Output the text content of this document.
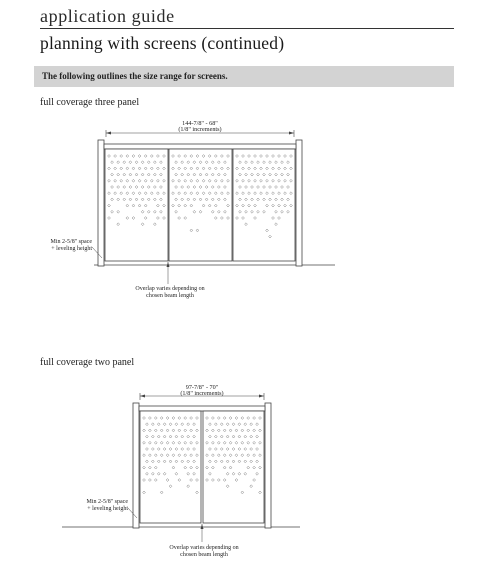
application guide
planning with screens (continued)
The following outlines the size range for screens.
full coverage three panel
full coverage two panel
144-7/8" - 68"
(1/8" increments)
Min 2-5/8" space
+ leveling height
Overlap varies depending on
chosen beam length
97-7/8" - 70"
(1/8" increments)
Min 2-5/8" space
+ leveling height
Overlap varies depending on
chosen beam length
